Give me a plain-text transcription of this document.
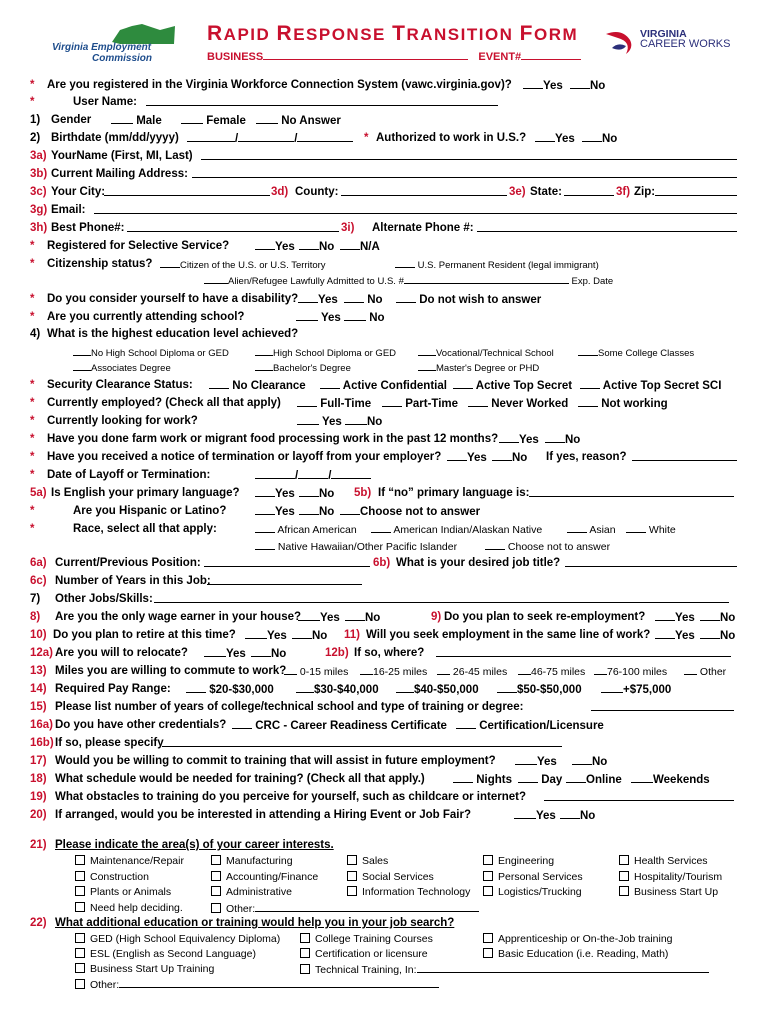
Virginia Employment
Commission
RAPID RESPONSE TRANSITION FORM
BUSINESS	EVENT#
VIRGINIA
CAREER WORKS
* Are you registered in the Virginia Workforce Connection System (vawc.virginia.gov)?	Yes	No
*	User Name:
1) Gender	Male	Female	No Answer
2) Birthdate (mm/dd/yyyy)	/	/	* Authorized to work in U.S.?	Yes	No
3a) YourName (First, MI, Last)
3b) Current Mailing Address:
3c) Your City:	3d) County:	3e) State:	3f) Zip:
3g) Email:
3h) Best Phone#:	3i) Alternate Phone #:
* Registered for Selective Service?	Yes	No	N/A
* Citizenship status?	Citizen of the U.S. or U.S. Territory	U.S. Permanent Resident (legal immigrant)
Alien/Refugee Lawfully Admitted to U.S. #	Exp. Date
* Do you consider yourself to have a disability?	Yes	No	Do not wish to answer
* Are you currently attending school?	Yes	No
4) What is the highest education level achieved?
No High School Diploma or GED	High School Diploma or GED	Vocational/Technical School	Some College Classes
Associates Degree	Bachelor's Degree	Master's Degree or PHD
* Security Clearance Status:	No Clearance	Active Confidential	Active Top Secret	Active Top Secret SCI
* Currently employed? (Check all that apply)	Full-Time	Part-Time	Never Worked	Not working
* Currently looking for work?	Yes	No
* Have you done farm work or migrant food processing work in the past 12 months?	Yes	No
* Have you received a notice of termination or layoff from your employer?	Yes	No If yes, reason?
* Date of Layoff or Termination:	/	/
5a) Is English your primary language?	Yes	No 5b) If “no” primary language is:
*	Are you Hispanic or Latino?	Yes	No	Choose not to answer
*	Race, select all that apply:	African American	American Indian/Alaskan Native	Asian	White
Native Hawaiian/Other Pacific Islander	Choose not to answer
6a) Current/Previous Position:	6b) What is your desired job title?
6c) Number of Years in this Job:
7) Other Jobs/Skills:
8) Are you the only wage earner in your house?	Yes	No	9) Do you plan to seek re-employment?	Yes	No
10) Do you plan to retire at this time?	Yes	No 11) Will you seek employment in the same line of work?	Yes	No
12a) Are you will to relocate?	Yes	No	12b) If so, where?
13) Miles you are willing to commute to work?	0-15 miles	16-25 miles	26-45 miles	46-75 miles	76-100 miles	Other
14) Required Pay Range:	$20-$30,000	$30-$40,000	$40-$50,000	$50-$50,000	+$75,000
15) Please list number of years of college/technical school and type of training or degree:
16a) Do you have other credentials?	CRC - Career Readiness Certificate	Certification/Licensure
16b) If so, please specify
17) Would you be willing to commit to training that will assist in future employment?	Yes	No
18) What schedule would be needed for training? (Check all that apply.)	Nights	Day	Online	Weekends
19) What obstacles to training do you perceive for yourself, such as childcare or internet?
20) If arranged, would you be interested in attending a Hiring Event or Job Fair?	Yes	No
21) Please indicate the area(s) of your career interests.
Maintenance/Repair	Manufacturing	Sales	Engineering	Health Services
Construction	Accounting/Finance	Social Services	Personal Services	Hospitality/Tourism
Plants or Animals	Administrative	Information Technology	Logistics/Trucking	Business Start Up
Need help deciding.	Other:
22) What additional education or training would help you in your job search?
GED (High School Equivalency Diploma)	College Training Courses	Apprenticeship or On-the-Job training
ESL (English as Second Language)	Certification or licensure	Basic Education (i.e. Reading, Math)
Business Start Up Training	Technical Training, In:
Other:
